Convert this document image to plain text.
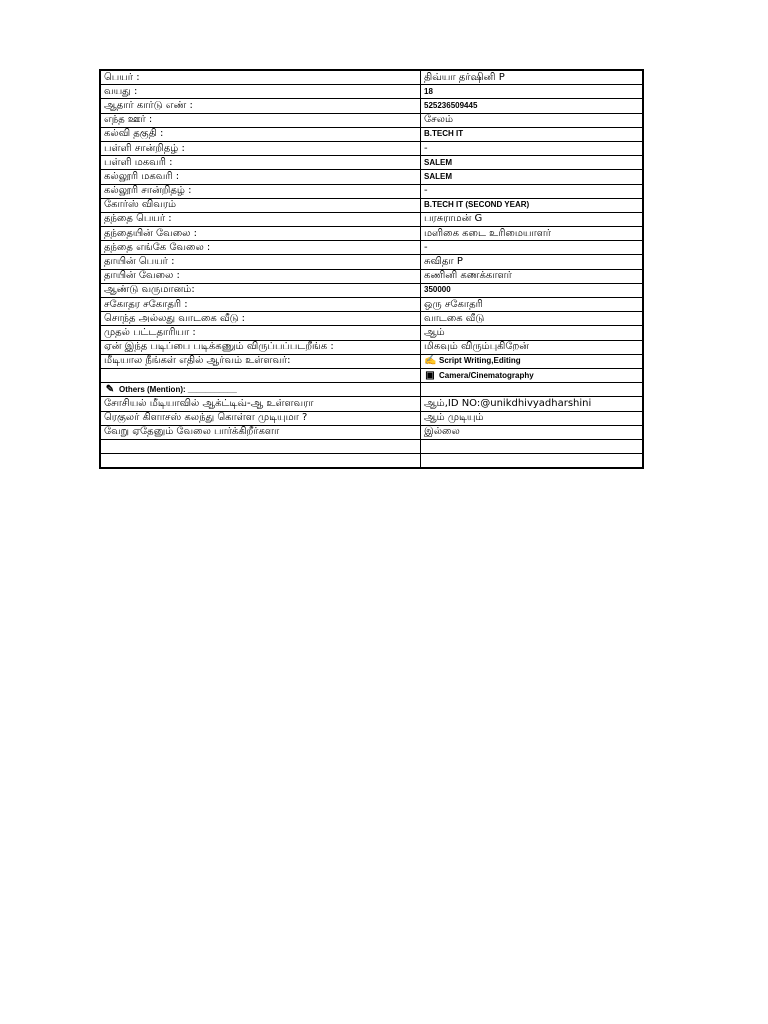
பெயர் :	திவ்யா தர்ஷினி P
வயது :	18
ஆதார் கார்டு எண் :	525236509445
எந்த ஊர் :	சேலம்
கல்வி தகுதி :	B.TECH IT
பள்ளி சான்றிதழ் :	-
பள்ளி மகவரி :	SALEM
கல்லூரி மகவரி :	SALEM
கல்லூரி சான்றிதழ் :	-
கோர்ஸ் விவரம்	B.TECH IT (SECOND YEAR)
தந்தை பெயர் :	பரசுராமன் G
தந்தையின் வேலை :	மளிகை கடை உரிமையாளர்
தந்தை எங்கே வேலை :	-
தாயின் பெயர் :	சுவிதா P
தாயின் வேலை :	கணினி கணக்காளர்
ஆண்டு வருமானம்:	350000
சகோதர சகோதரி :	ஒரு சகோதரி
சொந்த அல்லது வாடகை வீடு :	வாடகை வீடு
முதல் பட்டதாரியா :	ஆம்
ஏன் இந்த படிப்பை படிக்கணும் விருப்பப்படறீங்க :	மிகவும் விரும்புகிறேன்
மீடியால நீங்கள் எதில் ஆர்வம் உள்ளவர்:	✍ Script Writing,Editing
	▣ Camera/Cinematography
✎ Others (Mention): ___________	
சோசியல் மீடியாவில் ஆக்ட்டிவ்-ஆ உள்ளவரா	ஆம்,ID NO:@unikdhivyadharshini
ரெகுலர் கிளாசஸ் கலந்து கொள்ள முடியுமா ?	ஆம் முடியும்
வேறு ஏதேனும் வேலை பார்க்கிறீர்களா	இல்லை
